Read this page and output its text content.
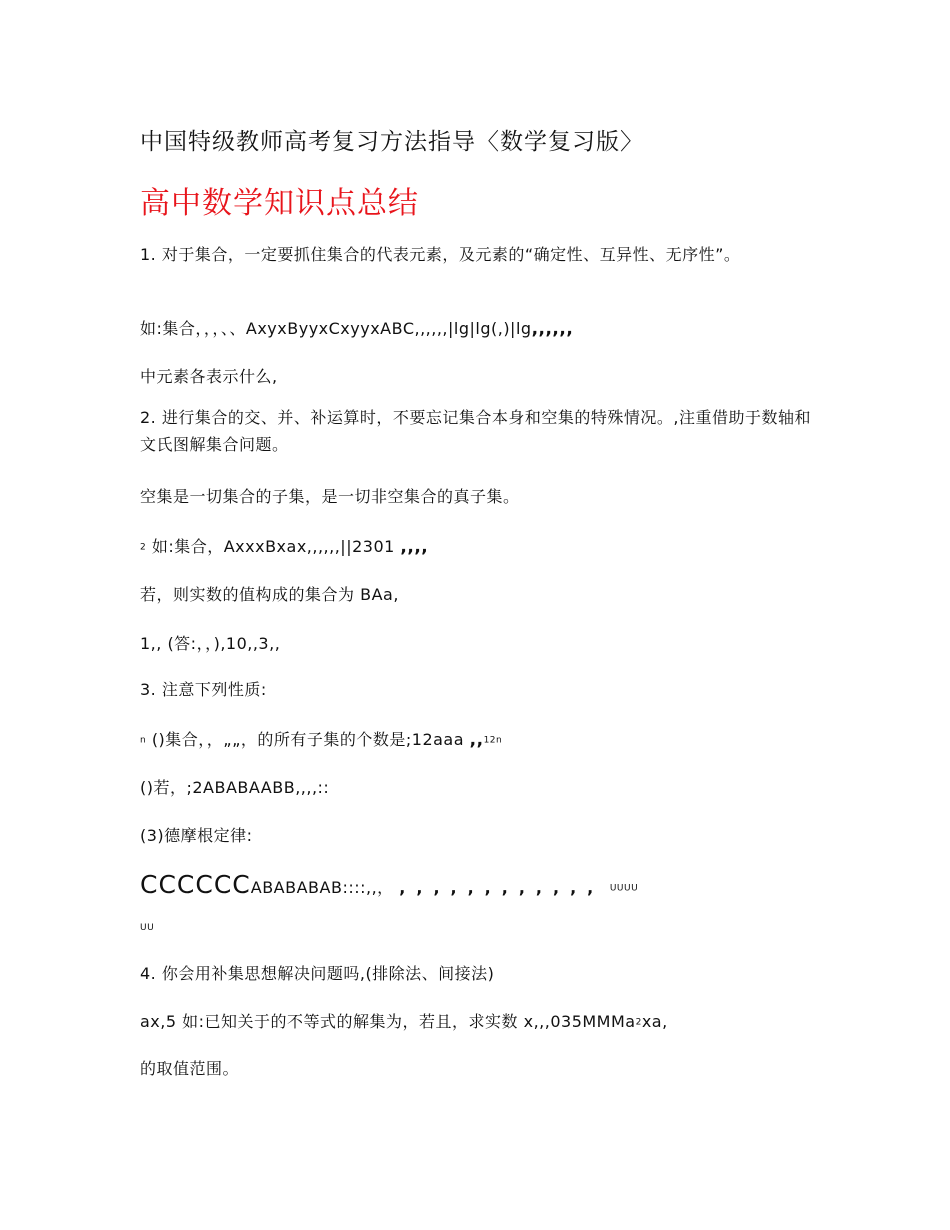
中国特级教师高考复习方法指导〈数学复习版〉
高中数学知识点总结
1. 对于集合，一定要抓住集合的代表元素，及元素的“确定性、互异性、无序性”。
如:集合，，，、、AxyxByyxCxyyxABC,,,,,,|lg|lg(,)|lg,,,,,,
中元素各表示什么,
2. 进行集合的交、并、补运算时，不要忘记集合本身和空集的特殊情况。,注重借助于数轴和文氏图解集合问题。
空集是一切集合的子集，是一切非空集合的真子集。
2 如:集合，AxxxBxax,,,,,,||2301 ,,,,
若，则实数的值构成的集合为 BAa,
1,, (答:，，),10,,3,,
3. 注意下列性质:
n ()集合，，„„，的所有子集的个数是;12aaa ,,12n
()若，;2ABABAABB,,,,::
(3)德摩根定律:
CCCCCCABABABAB::::,,， ,,,,,,,,,,,, UUUU
UU
4. 你会用补集思想解决问题吗,(排除法、间接法)
ax,5 如:已知关于的不等式的解集为，若且，求实数 x,,,035MMMa2xa,
的取值范围。
